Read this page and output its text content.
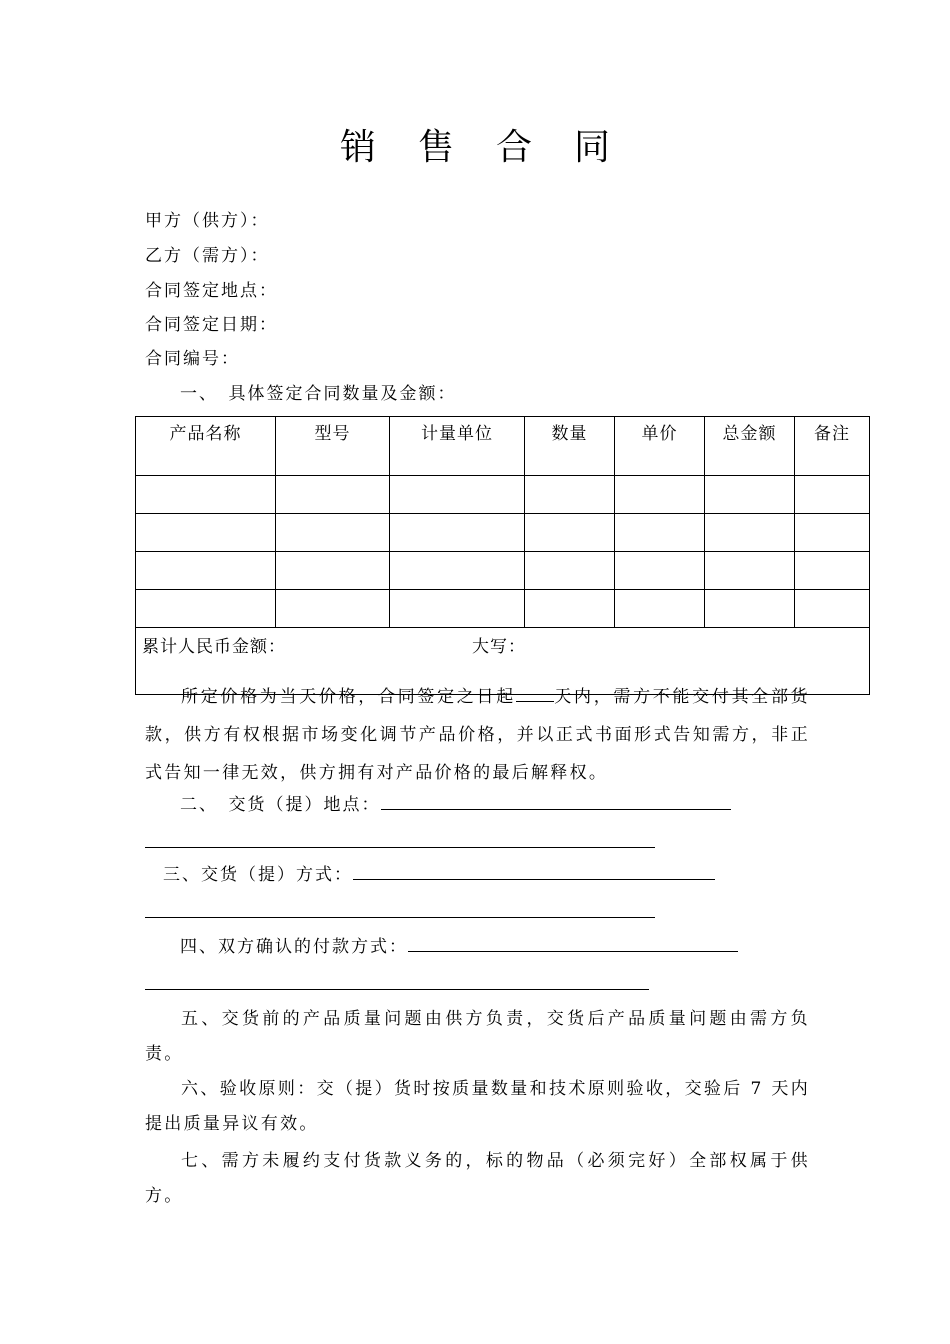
销售合同
甲方（供方）：
乙方（需方）：
合同签定地点：
合同签定日期：
合同编号：
一、　具体签定合同数量及金额：
产品名称	型号	计量单位	数量	单价	总金额	备注

累计人民币金额： 大写：						
所定价格为当天价格，合同签定之日起 天内，需方不能交付其全部货款，供方有权根据市场变化调节产品价格，并以正式书面形式告知需方，非正式告知一律无效，供方拥有对产品价格的最后解释权。
二、　交货（提）地点：
三、交货（提）方式：
四、双方确认的付款方式：
五、交货前的产品质量问题由供方负责，交货后产品质量问题由需方负责。
六、验收原则：交（提）货时按质量数量和技术原则验收，交验后 7 天内提出质量异议有效。
七、需方未履约支付货款义务的，标的物品（必须完好）全部权属于供方。
